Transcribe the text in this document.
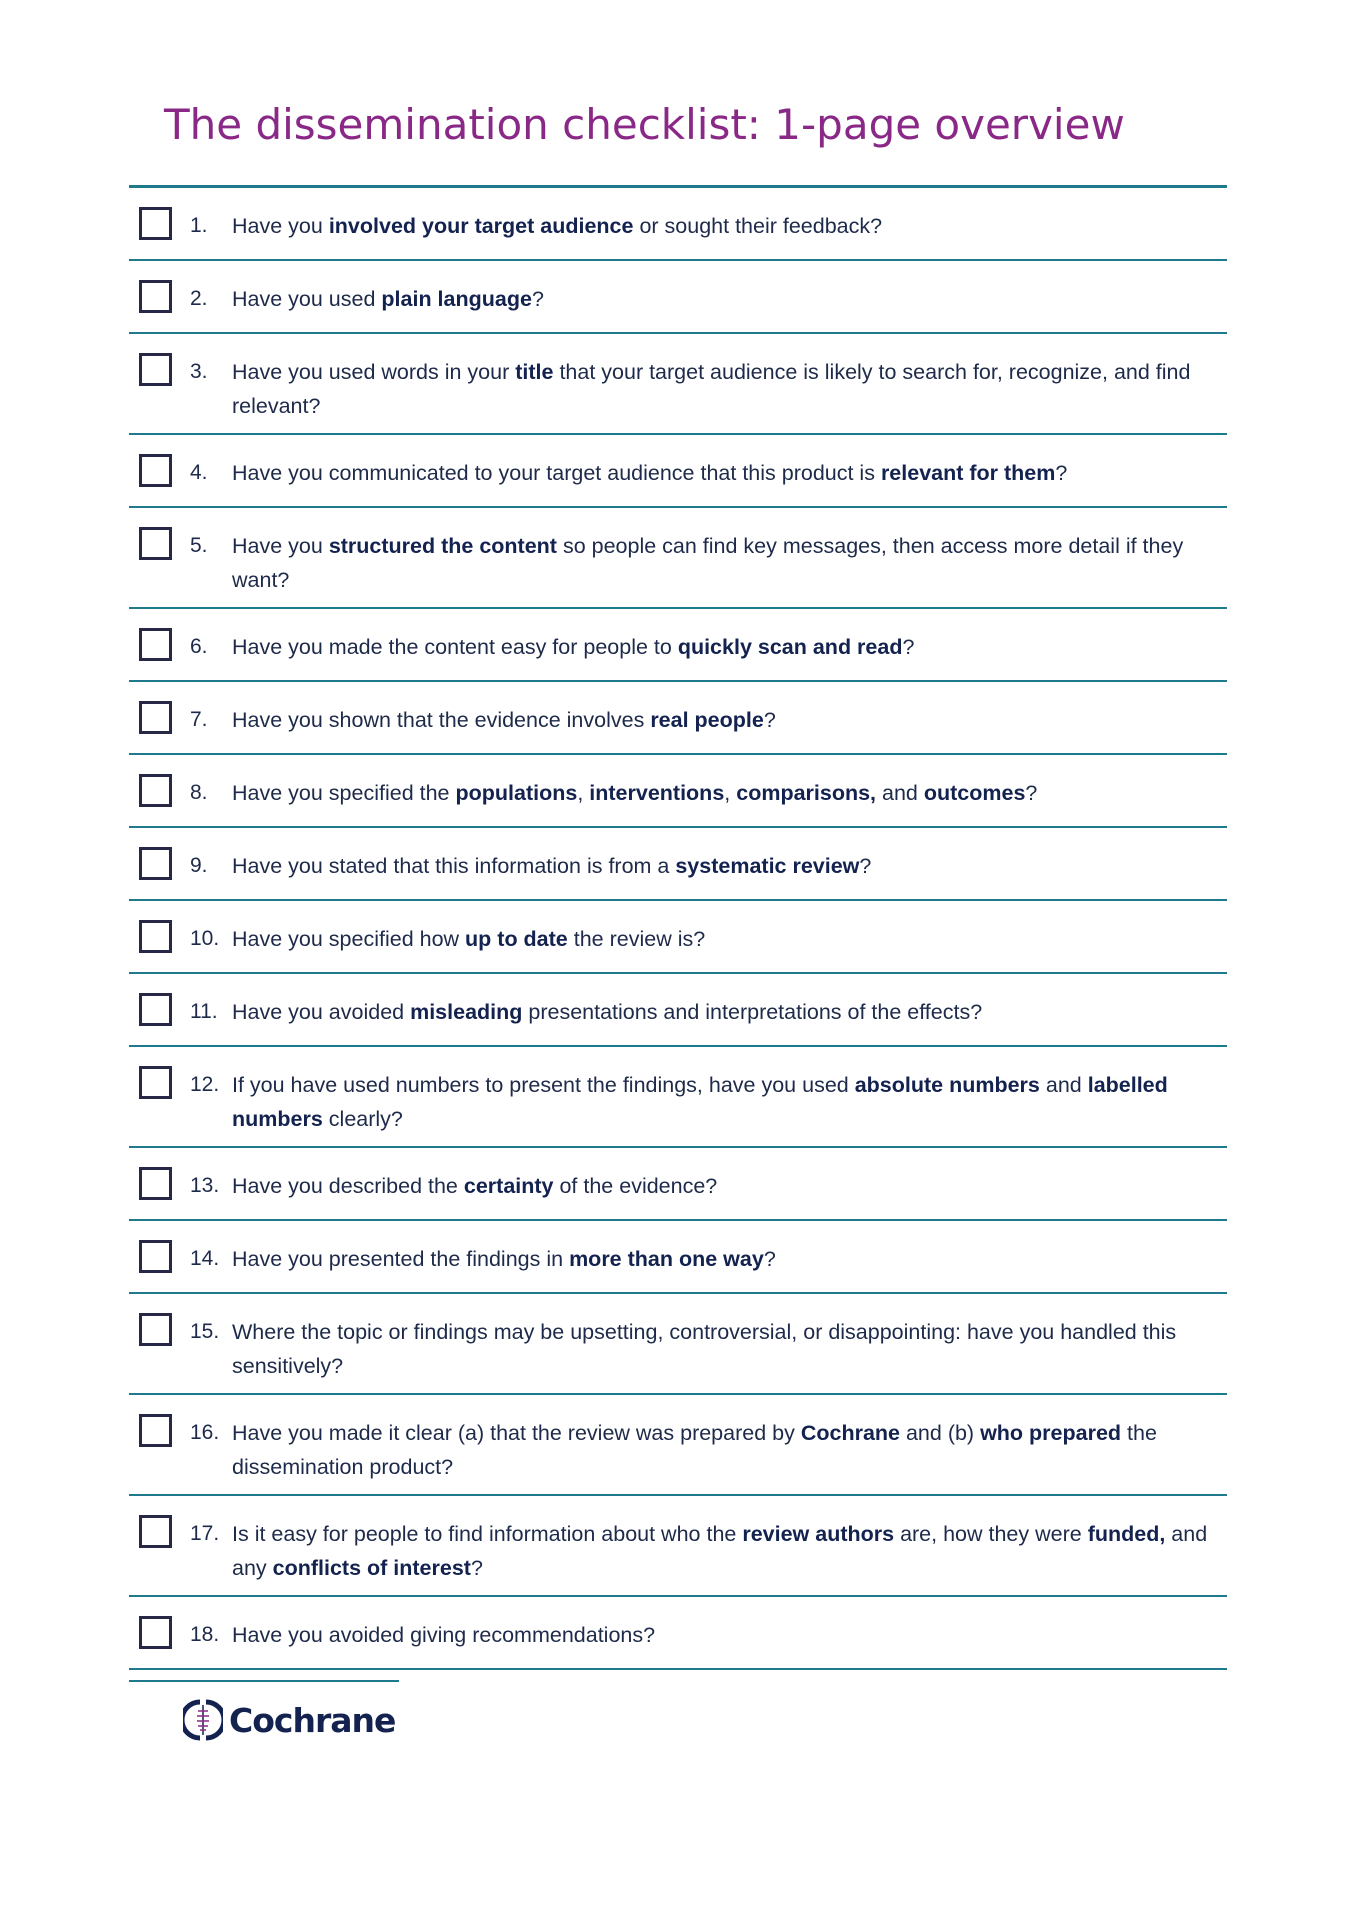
The dissemination checklist: 1-page overview
1. Have you involved your target audience or sought their feedback?
2. Have you used plain language?
3. Have you used words in your title that your target audience is likely to search for, recognize, and find relevant?
4. Have you communicated to your target audience that this product is relevant for them?
5. Have you structured the content so people can find key messages, then access more detail if they want?
6. Have you made the content easy for people to quickly scan and read?
7. Have you shown that the evidence involves real people?
8. Have you specified the populations, interventions, comparisons, and outcomes?
9. Have you stated that this information is from a systematic review?
10. Have you specified how up to date the review is?
11. Have you avoided misleading presentations and interpretations of the effects?
12. If you have used numbers to present the findings, have you used absolute numbers and labelled numbers clearly?
13. Have you described the certainty of the evidence?
14. Have you presented the findings in more than one way?
15. Where the topic or findings may be upsetting, controversial, or disappointing: have you handled this sensitively?
16. Have you made it clear (a) that the review was prepared by Cochrane and (b) who prepared the dissemination product?
17. Is it easy for people to find information about who the review authors are, how they were funded, and any conflicts of interest?
18. Have you avoided giving recommendations?
Cochrane
